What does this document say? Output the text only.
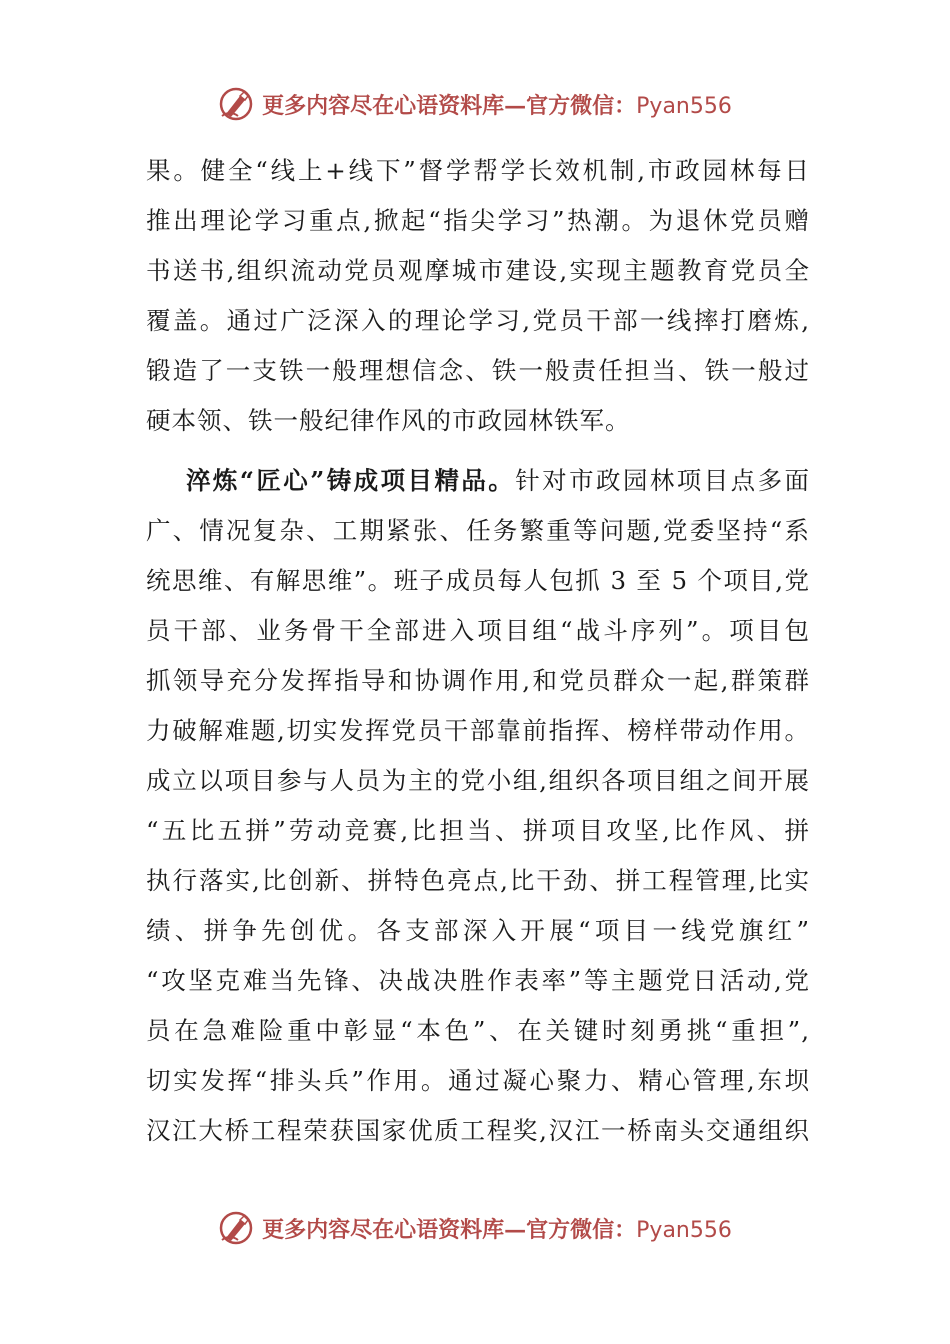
更多内容尽在心语资料库—官方微信：Pyan556
果。健全“线上+线下”督学帮学长效机制,市政园林每日
推出理论学习重点,掀起“指尖学习”热潮。为退休党员赠
书送书,组织流动党员观摩城市建设,实现主题教育党员全
覆盖。通过广泛深入的理论学习,党员干部一线摔打磨炼,
锻造了一支铁一般理想信念、铁一般责任担当、铁一般过
硬本领、铁一般纪律作风的市政园林铁军。
淬炼“匠心”铸成项目精品。针对市政园林项目点多面
广、情况复杂、工期紧张、任务繁重等问题,党委坚持“系
统思维、有解思维”。班子成员每人包抓 3 至 5 个项目,党
员干部、业务骨干全部进入项目组“战斗序列”。项目包
抓领导充分发挥指导和协调作用,和党员群众一起,群策群
力破解难题,切实发挥党员干部靠前指挥、榜样带动作用。
成立以项目参与人员为主的党小组,组织各项目组之间开展
“五比五拼”劳动竞赛,比担当、拼项目攻坚,比作风、拼
执行落实,比创新、拼特色亮点,比干劲、拼工程管理,比实
绩、拼争先创优。各支部深入开展“项目一线党旗红”
“攻坚克难当先锋、决战决胜作表率”等主题党日活动,党
员在急难险重中彰显“本色”、在关键时刻勇挑“重担”,
切实发挥“排头兵”作用。通过凝心聚力、精心管理,东坝
汉江大桥工程荣获国家优质工程奖,汉江一桥南头交通组织
更多内容尽在心语资料库—官方微信：Pyan556
